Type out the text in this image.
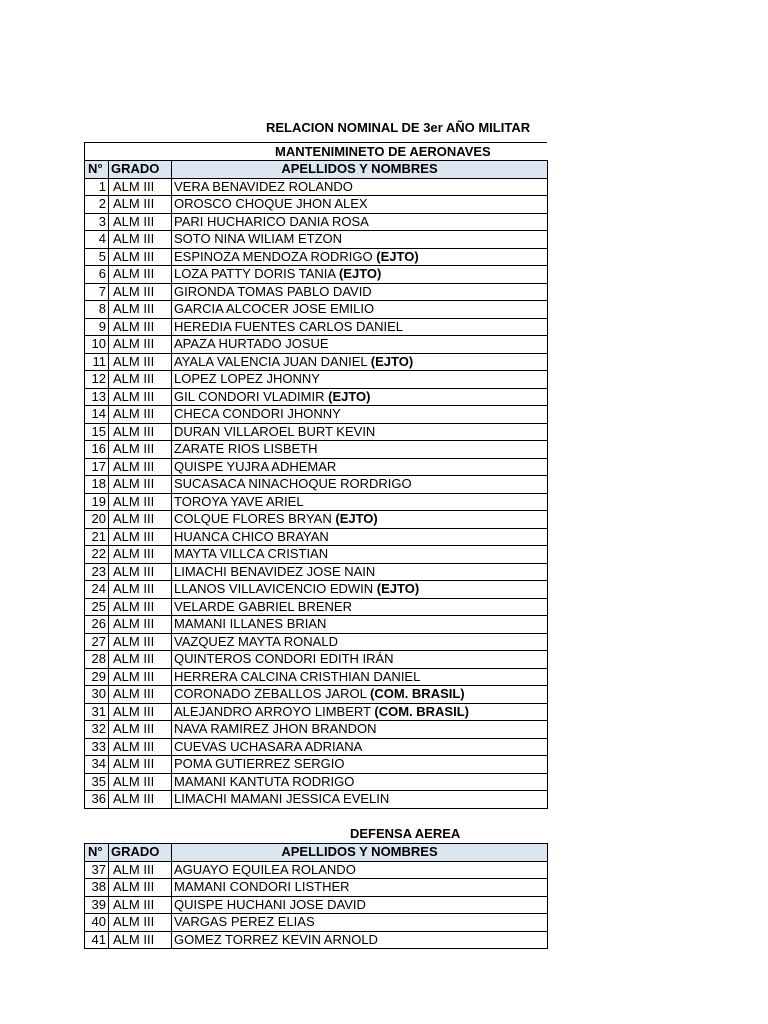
RELACION NOMINAL DE 3er AÑO MILITAR
MANTENIMINETO DE AERONAVES
N°	GRADO	APELLIDOS Y NOMBRES
1	ALM III	VERA BENAVIDEZ ROLANDO
2	ALM III	OROSCO CHOQUE JHON ALEX
3	ALM III	PARI HUCHARICO DANIA ROSA
4	ALM III	SOTO NINA WILIAM ETZON
5	ALM III	ESPINOZA MENDOZA RODRIGO (EJTO)
6	ALM III	LOZA PATTY DORIS TANIA (EJTO)
7	ALM III	GIRONDA TOMAS PABLO DAVID
8	ALM III	GARCIA ALCOCER JOSE EMILIO
9	ALM III	HEREDIA FUENTES CARLOS DANIEL
10	ALM III	APAZA HURTADO JOSUE
11	ALM III	AYALA VALENCIA JUAN DANIEL (EJTO)
12	ALM III	LOPEZ LOPEZ JHONNY
13	ALM III	GIL CONDORI VLADIMIR (EJTO)
14	ALM III	CHECA CONDORI JHONNY
15	ALM III	DURAN VILLAROEL BURT KEVIN
16	ALM III	ZARATE RIOS LISBETH
17	ALM III	QUISPE YUJRA ADHEMAR
18	ALM III	SUCASACA NINACHOQUE RORDRIGO
19	ALM III	TOROYA YAVE ARIEL
20	ALM III	COLQUE FLORES BRYAN (EJTO)
21	ALM III	HUANCA CHICO BRAYAN
22	ALM III	MAYTA VILLCA CRISTIAN
23	ALM III	LIMACHI BENAVIDEZ JOSE NAIN
24	ALM III	LLANOS VILLAVICENCIO EDWIN (EJTO)
25	ALM III	VELARDE GABRIEL BRENER
26	ALM III	MAMANI ILLANES BRIAN
27	ALM III	VAZQUEZ MAYTA RONALD
28	ALM III	QUINTEROS CONDORI EDITH IRÁN
29	ALM III	HERRERA CALCINA CRISTHIAN DANIEL
30	ALM III	CORONADO ZEBALLOS JAROL (COM. BRASIL)
31	ALM III	ALEJANDRO ARROYO LIMBERT (COM. BRASIL)
32	ALM III	NAVA RAMIREZ JHON BRANDON
33	ALM III	CUEVAS UCHASARA ADRIANA
34	ALM III	POMA GUTIERREZ SERGIO
35	ALM III	MAMANI KANTUTA RODRIGO
36	ALM III	LIMACHI MAMANI JESSICA EVELIN
DEFENSA AEREA
N°	GRADO	APELLIDOS Y NOMBRES
37	ALM III	AGUAYO EQUILEA ROLANDO
38	ALM III	MAMANI CONDORI LISTHER
39	ALM III	QUISPE HUCHANI JOSE DAVID
40	ALM III	VARGAS PEREZ ELIAS
41	ALM III	GOMEZ TORREZ KEVIN ARNOLD
